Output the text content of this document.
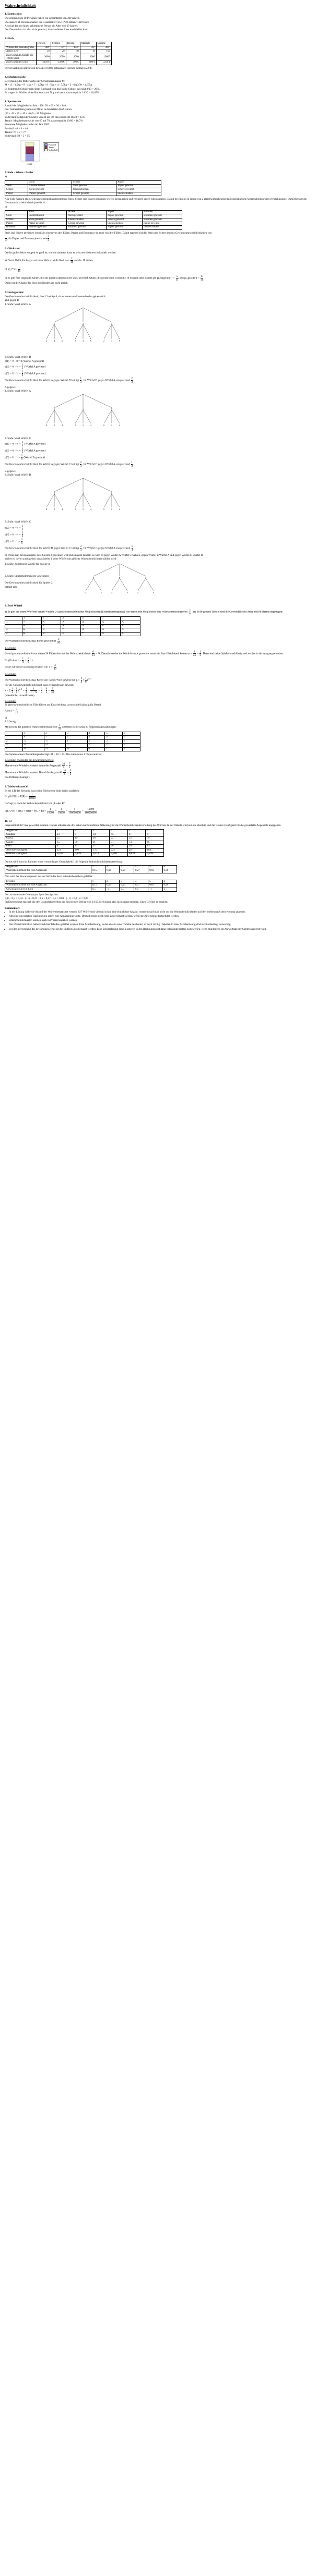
Wahrscheinlichkeit
1. Datenschutz
Die ursprünglich 10 Personen haben ein Gesamtalter von 400 Jahren.
Die danach 11 Personen haben ein Gesamtalter von 11*39 Jahren = 429 Jahre
Also hat der neu hinzu gekommene Person ein Alter von 29 Jahren.
Der Datenschutz ist also nicht gewahrt, da man dieses Alter erschließen kann.
2. Fisch
	Dorsch	Scholle	Hering	Makrele	Summe
Winkel des Kreisdiagrams	108°	72°	144°	36°	360°
Anteil in %	30	20	40	10	100
zu erwartende Anzahl bei 10000 Stück	3000	2000	4000	1000	10000
zu erwartender Erlös	3000 €	1500 €	400 €	600 €	5500 €
Der Erwartungswert für den Erlös bei 10000 gefangenen Fischen beträgt 5500 €.
3. Schulrucksäcke
Berechnung des Mittelwertes der Schulranzenmasse M:
M = (3 · 3,5kg + 8 · 4kg + 7 · 4,5kg + 8 · 5kg + 4 · 5,5kg + 2 · 6kg)/30 = 4,67kg
Es kommen 8 Schüler mit einem Rucksack von 4kg in die Schule, das sind 8/30 = 20%.
Es tragen 14 Schüler einen Rucksack mit 5kg und mehr, das entspricht 14/30 = 46,67%
4. Sportverein
Anzahl der Mitglieder im Jahr 1998: 50 + 60 + 30 = 140.
Die Trainerstellung kann nur Mittel in den letzten fünf Jahren.
(30 + 45 + 45 + 40 + 40)/5 = 40 Mitglieder.
Volleyball: Mitgliederzuwachs von 40 auf 50, das entspricht 10/40 = 25%
Tennis: Mitgliederzuwachs von 60 auf 70, das entspricht 10/60 = 16,7%
Erwartete Mitgliederzahlen im Jahr 2003:
Fussball: 40 + 6 = 46
Tennis: 70 + 7 = 77
Volleyball: 50 + 5 = 55
2003
Fussball
Tennis
Volleyball
5. Stein - Schere - Papier
a)
	Stein	Schere	Papier
Stein	Unentschieden	Stein gewinnt	Papier gewinnt
Schere	Stein gewinnt	Unentschieden	Schere gewinnt
Papier	Papier gewinnt	Schere gewinnt	unentschieden
Alle Fälle werden als gleichwahrscheinlich angenommen. Stein, Schere und Papier gewinnen jeweils gegen einen und verlieren gegen einen anderen. Damit gewinnt es in einem von 2 gleichwahrscheinlichen Möglichkeiten (Unentschieden wird vernachlässigt). Damit beträgt die Gewinnwahrscheinlichkeit jeweils ½.
b)
	Stein	Schere	Papier	Brunnen
Stein	Unentschieden	Stein gewinnt	Papier gewinnt	Brunnen gewinnt
Schere	Stein gewinnt	Unentschieden	Schere gewinnt	Brunnen gewinnt
Papier	Papier gewinnt	Schere gewinnt	unentschieden	Papier gewinnt
Brunnen	Brunnen gewinnt	Brunnen gewinnt	Papier gewinnt	unentschieden
Stein und Schere gewinnen jeweils in einem von drei Fällen, Papier und Brunnen je in zwei von drei Fällen. Damit ergeben sich für Stein und Schere jeweils Gewinnwahrscheinlichkeiten von
$\frac{1}{3}$ , für Papier und Brunnen jeweils von $\frac{2}{3}$ .
6. Glücksrad
Da die große Sektor doppelt so groß ist, wie die anderen, kann er wie zwei Sektoren behandelt werden.
a) Damit bleibt die Zeiger auf einer Wahrscheinlichkeit von $\frac{2}{11}$ auf der 10 stehen.
b) p(„7") = $\frac{1}{11}$
c) Es gibt fünf ungerade Zahlen, die alle gleichwahrscheinlich sind, und fünf Zahlen, die gerade sind, wobei die 10 doppelt zählt. Damit gilt p(„ungerade") = $\frac{5}{11}$ und p(„gerade") = $\frac{6}{11}$
Damit ist die Chance für Sieg und Niederlage nicht gleich.
7. Hoch gewinnt
Die Gewinnwahrscheinlichkeit, dass C beträgt 0, da es immer ein Unentschieden geben wird.
a) A gegen B
1. Stufe: Wurf Würfel A
1	3	5
2	4	6	2	4	6	2	4	6
2. Stufe: Wurf Würfel B
p(1) = ⅓ · 0 = 0 (Würfel A gewinnt)
p(3) = ⅓ · ⅓ = $\frac{1}{9}$ (Würfel A gewinnt)
p(5) = ⅓ · ⅔ = $\frac{2}{9}$ (Würfel A gewinnt)
Die Gewinnwahrscheinlichkeit für Würfel A gegen Würfel B beträgt $\frac{1}{3}$ , für Würfel B gegen Würfel A entsprechend $\frac{2}{3}$
A gegen C
1. Stufe: Wurf Würfel A
1	3	5
0	2	4	0	2	4	0	2	4
2. Stufe: Wurf Würfel C
p(1) = ⅓ · ⅓ = $\frac{1}{9}$ (Würfel A gewinnt)
p(3) = ⅓ · ⅔ = $\frac{2}{9}$ (Würfel A gewinnt)
p(5) = ⅓ · $1 = \frac{3}{9}$ (Würfel A gewinnt)
Die Gewinnwahrscheinlichkeit für Würfel A gegen Würfel C beträgt $\frac{2}{3}$ , für Würfel C gegen Würfel A entsprechend $\frac{1}{3}$
B gegen C
2. Stufe: Wurf Würfel B
2	4	6
0	2	4	0	2	4	0	2	4
2. Stufe: Wurf Würfel C
p(2) = ⅓ · ⅓ = $\frac{1}{9}$
p(4) = ⅓ · ⅔ = $\frac{2}{9}$
p(6) = ⅓ · $1 = \frac{3}{9}$
Die Gewinnwahrscheinlichkeit für Würfel B gegen Würfel C beträgt $\frac{2}{3}$ , für Würfel C gegen Würfel A entsprechend $\frac{1}{3}$
b) Wenn man davon ausgeht, dass Spieler 2 gewinnen will und sinnvoll handelt, so wird er gegen Würfel A Würfel C wählen, gegen Würfel B Würfel A und gegen Würfel C Würfel B.
Weiter ist davon auszugehen, dass Spieler 1 seine Würfel mit gleicher Wahrscheinlichkeit wählen wird.
1. Stufe: Zugelosene Würfel für Spieler A
2. Stufe: Spielerkommen des Gewinnens
Die Gewinnwahrscheinlichkeit für Spieler 2 beträgt also
A	B	C
G	V	G	V	G	V
8. Zwei Würfel
a) Es gibt bei einem Wurf mit beiden Würfeln 24 gleichwahrscheinlichen Möglichkeiten (Elementarereignisse) von denen jede Möglichkeit eine Wahrscheinlichkeit von $\frac{1}{24}$ hat. In folgenden Tabelle sind die Gewinnfälle für Anna und für Bernd eingetragen:
	1	2	3	4	5	6
1	*	A	A	A	A	A
2	B	B	A	A	A	A
3	B	B	*	A	A	A
4	B	B	B	*	A	A
Die Wahrscheinlichkeit, dass Bernd gewinnt ist $\frac{3}{10}$
1. Lösung:
Bernd gewinnt sofort in 6 von diesen 24 Fällen also mit der Wahrscheinlichkeit $\frac{6}{24}$ = ¼. Danach werden die Würfel erneut geworfen, wenn ein Paar Gleichstand kommt $p = \frac{4}{24} = \frac{1}{6}$ . Dann sind beide Spieler unschlüssig und werden in der Ausgangssituation.
Es gilt also $x = \frac{1}{4} + \frac{1}{6} \cdot x$
Lösen wir diese Gleichung erhalten wir: $x = \frac{3}{10}$
2. Lösung:
Die Wahrscheinlichkeit, dass Bernd erst nach k Wurf gewinnt ist: $p = \frac{1}{4}$ ·( $\frac{1}{6} )^{k-1}$
Für die Gesamtwahrscheinlichkeit, dass er irgendwann gewinnt:
x = Σ $\frac{1}{4}$ ·( $\frac{1}{6} )^{k-1} = \frac{1}{4} \cdot \frac{1}{\text{1 − ⅙}} = \frac{1}{4} \cdot \frac{6}{5} = \frac{3}{10}$
(unendliche, unverifizierte)
3. Lösung:
20 gleichwahrscheinliche Fälle führen zur Entscheidung, davon sind 6 günstig für Bernd.
Also $x = \frac{3}{10}$
b)
1. Lösung:
Mit jeweils der gleichen Wahrscheinlichkeit von $\frac{1}{24}$ kommen es für Anna zu folgenden Auszahlungen:
	1	2	3	4	5	6
1	0	1	2	3	4	5
2	-2	-1	1	2	3	4
3	-3	-2	0	1	2	3
4	-4	-3	-2	0	1	2
Die Summe dieser Auszahlungen beträgt: 34 − 10 = 24. Also kann Anna 1 Chip erwarten.
2. Lösung: (Ausnutze des Erwartungswertes)
Man erwarte Würfel erwarteter Anna die Augenzahl $\frac{21}{6} = \frac{7}{2}$
Man erwarte Würfel erwarteter Bernd die Augenzahl $\frac{10}{4} = \frac{5}{2}$
Die Differenz beträgt 1.
9. Triebwerksausfall
Es sei L R das Ereignis, dass beide Triebwerke links rechts ausfallen.
Es gilt $P(L) = P(R) = \frac{1}{10000}$
Gefragt ist nach der Wahrscheinlichkeit von „L oder R".
P(L ∪ R) = P(L) + P(R) − P(L ∩ $R) = \frac{1}{10000} + \frac{1}{10000} - \frac{1}{100000000} = \frac{19999}{100000000}$
10. G!
Insgesamt ist 827 mal geworfen worden. Daraus erhalten die drei schon nur brauchbare Näherung für die Wahrscheinlichkeitsverteilung des Würfels. In der Tabelle wird nun die absolute und die relative Häufigkeit für die gewürfelte Augenzahl angegeben.
Augenzahl	1	2	3	4	5	6
Gundula	23	9	34	45	8	8
Gisela	55	19	28	22	52	39
Gunter	65	50	91	71	74	66
Gerd	8	11	17	28	10	13
Absolute Häufigkeit	121	100	176	222	28	184
Relative Häufigkeit	0,146	0,149	0,213	0,268	0,034	0,299
Daraus wird nun (im Rahmen einer (vernünftigen Genauigkeit)) die folgende Wahrscheinlichkeitsverteilung:
Augenzahl	1	2	3	4	5	6
Wahrscheinlichkeit für eine Augenzahl	0,15	0,04	0,21	0,27	0,03	0,30
Nun wird der Erwartungswert aus der Sicht des den Losbudenbetreibers gebildet:
Ereignis	1	2	3	4	5	6
Wahrscheinlichkeit für eine Augenzahl	0,15	0,04	0,21	0,27	0,03	0,30
Gewinn pro Spiel in Euro	0,5	-1	0,5	0,5	-1	2
Der zu erwartende Gewinn pro Spiel beträgt also:
0,15 · 0,5 + 0,04 · (−1) + 0,21 · 0,5 + 0,27 · 0,5 + 0,03 · (−1) + 0,3 · 2 = 0,84
Im Durchschnitt machen die den Losbudenbetreiber pro Spiel einen Verlust von 0,15€. Sie können also nicht damit rechnen, einen Gewinn zu machen.
Kommentar:
• In der Lösung sollte die Anzahl der Würfe thematisiert werden. 827 Würfe sind viel und schon eine brauchbare Anzahl, trotzdem darf man nicht nur die Wahrscheinlichkeiten auf drei Stellen nach dem Komma angeben.
• Absolute und relative Häufigkeiten geben eine Annäherungswerte. Deshalb muss nicht extra ausgerechnet werden, wenn die Ziffernfolge fortgeführt werden.
• Wahrscheinlichkeiten können auch in Prozent angeben werden.
• Der Übersichtlichkeit halber sind drei Tabellen gebildet worden. Eine Schülerlösung, in der alles in einer Tabelle bearbeitet, ist auch richtig. Tabellen in einer Schülerlösung sind nicht unbedingt notwendig.
• Bei den Berechnung des Erwartungswertes ist die Endzeit Euro benannt worden. Eine Schülerlösung einer Lösheren in den Rechnungen ist dann vollständig richtig zu bewerten, wenn mindestens im Antwortsatz der Gehter auswerde weil.
